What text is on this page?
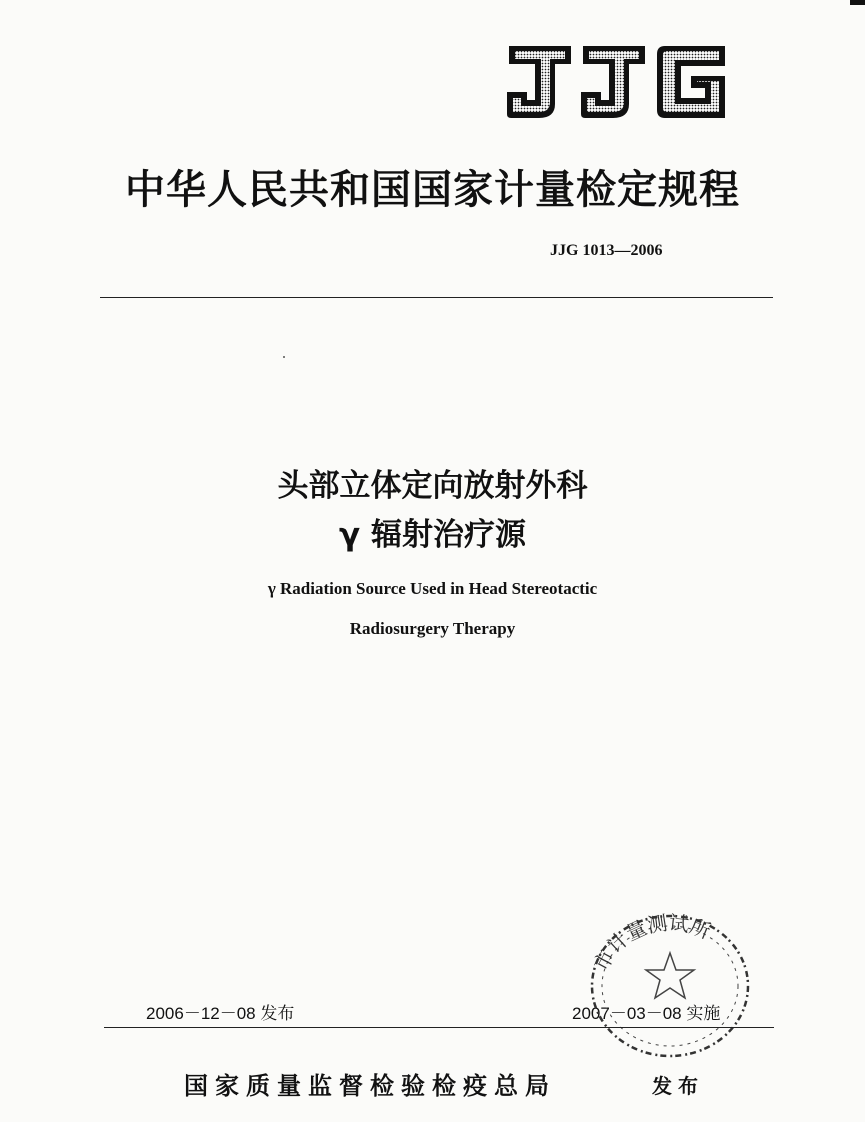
中华人民共和国国家计量检定规程
JJG 1013—2006
头部立体定向放射外科
γ 辐射治疗源
γ Radiation Source Used in Head Stereotactic
Radiosurgery Therapy
2006－12－08 发布	2007－03－08 实施
市计量测试所
国家质量监督检验检疫总局	发布
